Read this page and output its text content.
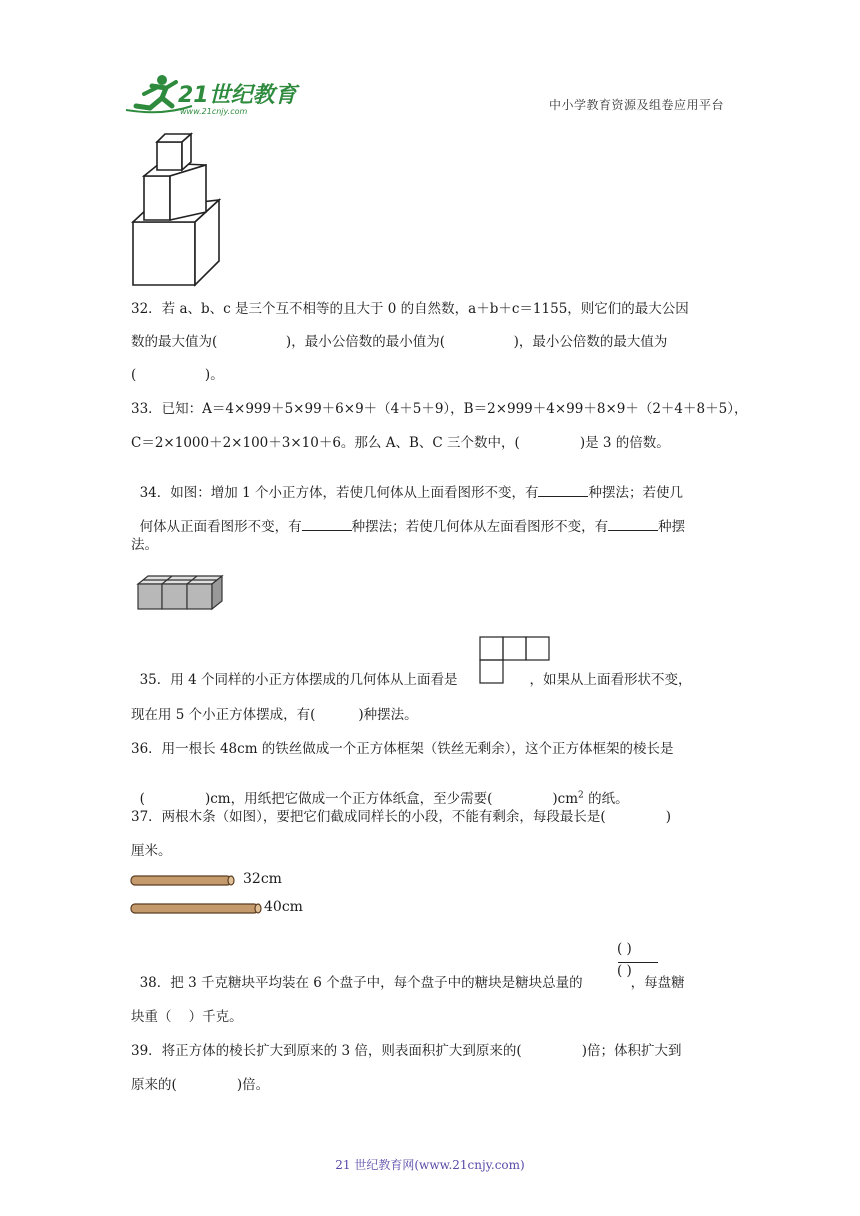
21世纪教育
www.21cnjy.com	中小学教育资源及组卷应用平台
32．若 a、b、c 是三个互不相等的且大于 0 的自然数，a＋b＋c＝1155，则它们的最大公因
数的最大值为(                )，最小公倍数的最小值为(                )，最小公倍数的最大值为
(                )。
33．已知：A＝4×999＋5×99＋6×9＋（4＋5＋9），B＝2×999＋4×99＋8×9＋（2＋4＋8＋5），
C＝2×1000＋2×100＋3×10＋6。那么 A、B、C 三个数中，(              )是 3 的倍数。

34．如图：增加 1 个小正方体，若使几何体从上面看图形不变，有	种摆法；若使几

何体从正面看图形不变，有	种摆法；若使几何体从左面看图形不变，有	种摆

法。

35．用 4 个同样的小正方体摆成的几何体从上面看是	，如果从上面看形状不变，

现在用 5 个小正方体摆成，有(          )种摆法。
36．用一根长 48cm 的铁丝做成一个正方体框架（铁丝无剩余），这个正方体框架的棱长是

(              )cm，用纸把它做成一个正方体纸盒，至少需要(              )$cm^2$ 的纸。

37．两根木条（如图），要把它们截成同样长的小段，不能有剩余，每段最长是(              )
厘米。
32cm
40cm

38．把 3 千克糖块平均装在 6 个盘子中，每个盘子中的糖块是糖块总量的	，每盘糖

( )
( )
块重（    ）千克。
39．将正方体的棱长扩大到原来的 3 倍，则表面积扩大到原来的(              )倍；体积扩大到
原来的(              )倍。
21 世纪教育网(www.21cnjy.com)
